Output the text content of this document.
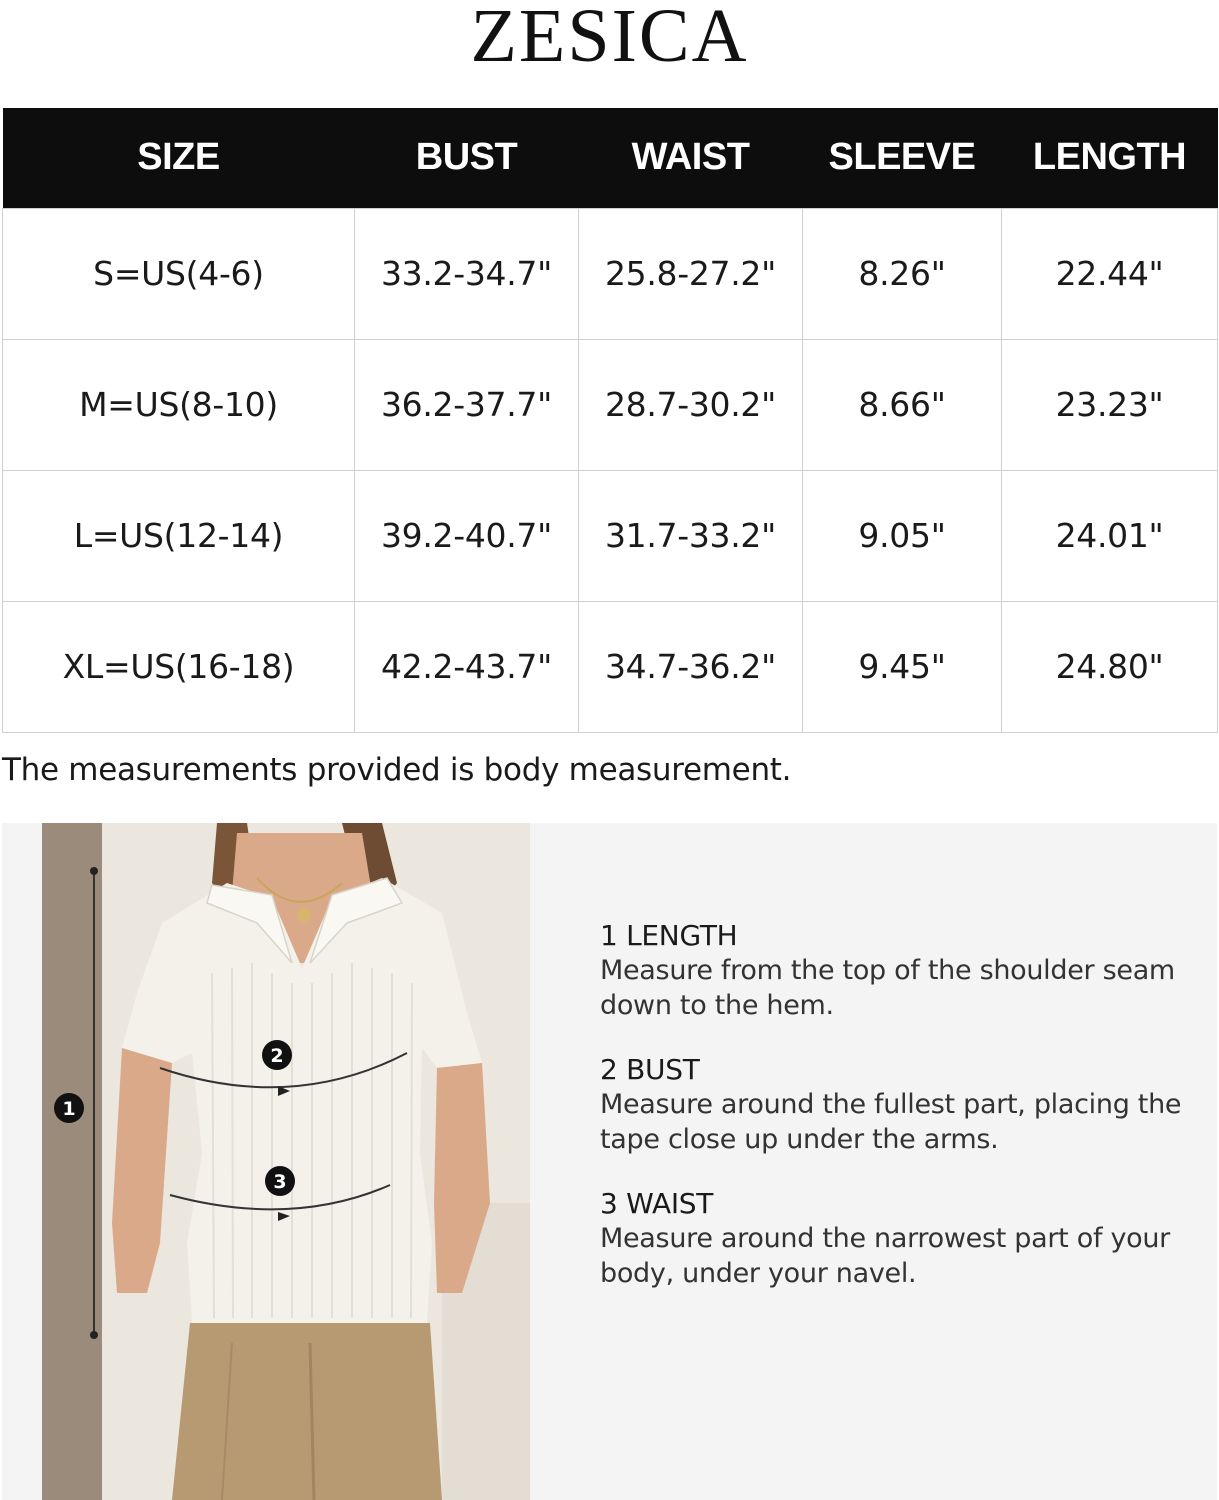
ZESICA
SIZE	BUST	WAIST	SLEEVE	LENGTH
S=US(4-6)	33.2-34.7"	25.8-27.2"	8.26"	22.44"
M=US(8-10)	36.2-37.7"	28.7-30.2"	8.66"	23.23"
L=US(12-14)	39.2-40.7"	31.7-33.2"	9.05"	24.01"
XL=US(16-18)	42.2-43.7"	34.7-36.2"	9.45"	24.80"
The measurements provided is body measurement.
1
2
3
1 LENGTH
Measure from the top of the shoulder seam down to the hem.
2 BUST
Measure around the fullest part, placing the tape close up under the arms.
3 WAIST
Measure around the narrowest part of your body, under your navel.
